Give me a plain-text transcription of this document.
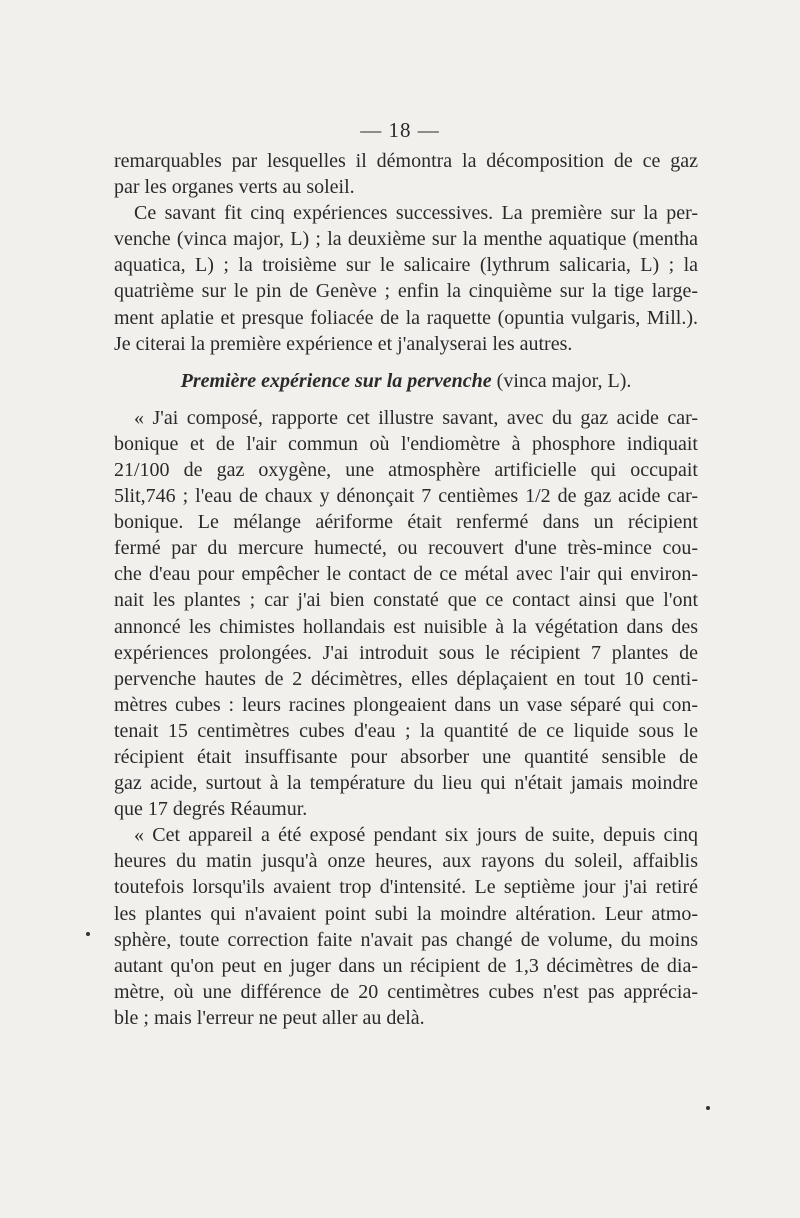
— 18 —
remarquables par lesquelles il démontra la décomposition de ce gaz
par les organes verts au soleil.
Ce savant fit cinq expériences successives. La première sur la per-
venche (vinca major, L) ; la deuxième sur la menthe aquatique (mentha
aquatica, L) ; la troisième sur le salicaire (lythrum salicaria, L) ; la
quatrième sur le pin de Genève ; enfin la cinquième sur la tige large-
ment aplatie et presque foliacée de la raquette (opuntia vulgaris, Mill.).
Je citerai la première expérience et j'analyserai les autres.
Première expérience sur la pervenche (vinca major, L).
« J'ai composé, rapporte cet illustre savant, avec du gaz acide car-
bonique et de l'air commun où l'endiomètre à phosphore indiquait
21/100 de gaz oxygène, une atmosphère artificielle qui occupait
5lit,746 ; l'eau de chaux y dénonçait 7 centièmes 1/2 de gaz acide car-
bonique. Le mélange aériforme était renfermé dans un récipient
fermé par du mercure humecté, ou recouvert d'une très-mince cou-
che d'eau pour empêcher le contact de ce métal avec l'air qui environ-
nait les plantes ; car j'ai bien constaté que ce contact ainsi que l'ont
annoncé les chimistes hollandais est nuisible à la végétation dans des
expériences prolongées. J'ai introduit sous le récipient 7 plantes de
pervenche hautes de 2 décimètres, elles déplaçaient en tout 10 centi-
mètres cubes : leurs racines plongeaient dans un vase séparé qui con-
tenait 15 centimètres cubes d'eau ; la quantité de ce liquide sous le
récipient était insuffisante pour absorber une quantité sensible de
gaz acide, surtout à la température du lieu qui n'était jamais moindre
que 17 degrés Réaumur.
« Cet appareil a été exposé pendant six jours de suite, depuis cinq
heures du matin jusqu'à onze heures, aux rayons du soleil, affaiblis
toutefois lorsqu'ils avaient trop d'intensité. Le septième jour j'ai retiré
les plantes qui n'avaient point subi la moindre altération. Leur atmo-
sphère, toute correction faite n'avait pas changé de volume, du moins
autant qu'on peut en juger dans un récipient de 1,3 décimètres de dia-
mètre, où une différence de 20 centimètres cubes n'est pas apprécia-
ble ; mais l'erreur ne peut aller au delà.
